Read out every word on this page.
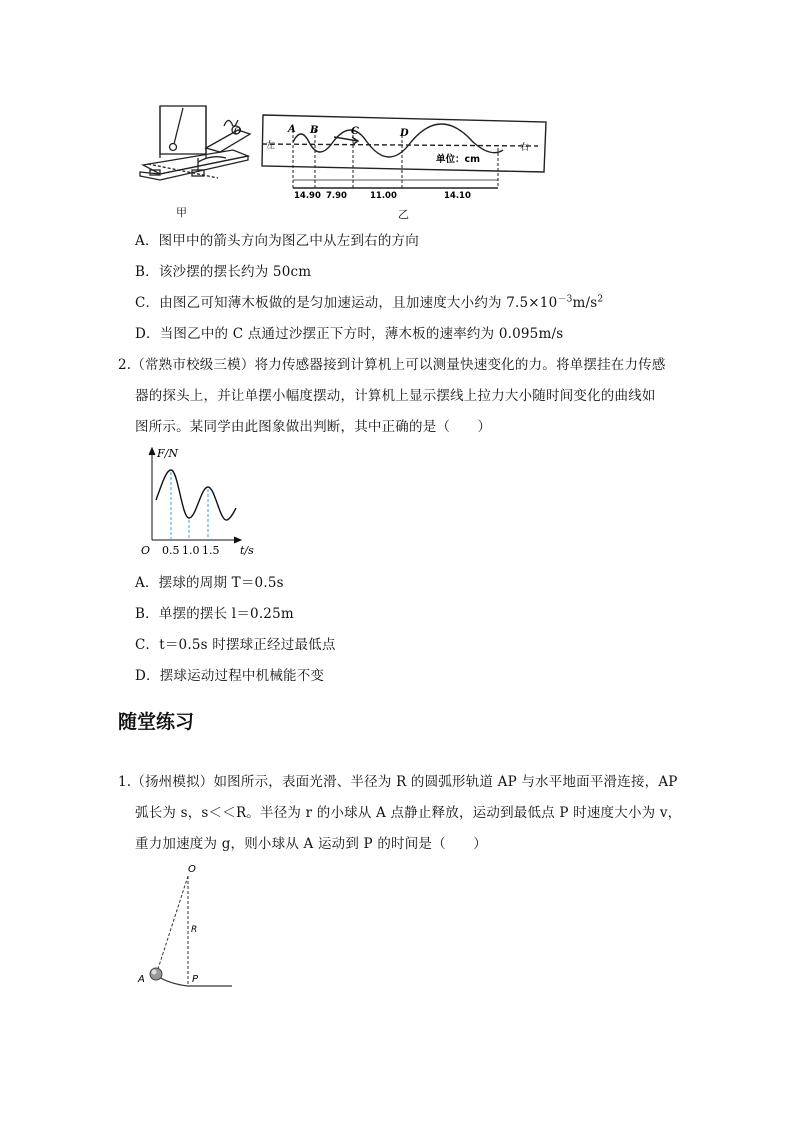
O
左	右
A B	C	D
单位：cm
14.90 7.90	11.00	14.10
甲	乙
A．图甲中的箭头方向为图乙中从左到右的方向
B．该沙摆的摆长约为 50cm
C．由图乙可知薄木板做的是匀加速运动，且加速度大小约为 $7.5\times 10^{-3}m/s^2$
D．当图乙中的 C 点通过沙摆正下方时，薄木板的速率约为 0.095m/s
2.（常熟市校级三模）将力传感器接到计算机上可以测量快速变化的力。将单摆挂在力传感
器的探头上，并让单摆小幅度摆动，计算机上显示摆线上拉力大小随时间变化的曲线如
图所示。某同学由此图象做出判断，其中正确的是（　　）
F/N
t/s
O 0.5 1.0 1.5
A．摆球的周期 T＝0.5s
B．单摆的摆长 l＝0.25m
C．t＝0.5s 时摆球正经过最低点
D．摆球运动过程中机械能不变
随堂练习
1.（扬州模拟）如图所示，表面光滑、半径为 R 的圆弧形轨道 AP 与水平地面平滑连接，AP
弧长为 s，s＜＜R。半径为 r 的小球从 A 点静止释放，运动到最低点 P 时速度大小为 v，
重力加速度为 g，则小球从 A 运动到 P 的时间是（　　）
O
R
A	P
